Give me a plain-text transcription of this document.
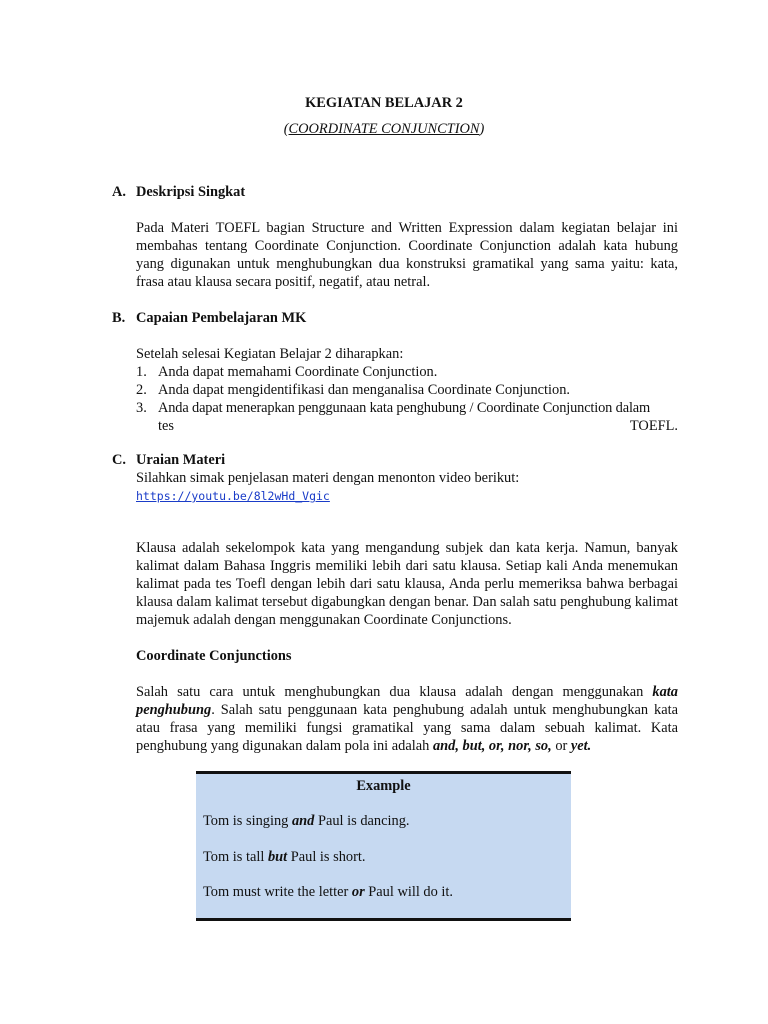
KEGIATAN BELAJAR 2
(COORDINATE CONJUNCTION)
A. Deskripsi Singkat

Pada Materi TOEFL bagian Structure and Written Expression dalam kegiatan belajar ini membahas tentang Coordinate Conjunction. Coordinate Conjunction adalah kata hubung yang digunakan untuk menghubungkan dua konstruksi gramatikal yang sama yaitu: kata, frasa atau klausa secara positif, negatif, atau netral.

B. Capaian Pembelajaran MK

Setelah selesai Kegiatan Belajar 2 diharapkan:

1. Anda dapat memahami Coordinate Conjunction.
2. Anda dapat mengidentifikasi dan menganalisa Coordinate Conjunction.
3. Anda dapat menerapkan penggunaan kata penghubung / Coordinate Conjunction dalam
tes	TOEFL.
C. Uraian Materi

Silahkan simak penjelasan materi dengan menonton video berikut:

https://youtu.be/8l2wHd_Vgic

Klausa adalah sekelompok kata yang mengandung subjek dan kata kerja. Namun, banyak kalimat dalam Bahasa Inggris memiliki lebih dari satu klausa. Setiap kali Anda menemukan kalimat pada tes Toefl dengan lebih dari satu klausa, Anda perlu memeriksa bahwa berbagai klausa dalam kalimat tersebut digabungkan dengan benar. Dan salah satu penghubung kalimat majemuk adalah dengan menggunakan Coordinate Conjunctions.

Coordinate Conjunctions

Salah satu cara untuk menghubungkan dua klausa adalah dengan menggunakan kata penghubung. Salah satu penggunaan kata penghubung adalah untuk menghubungkan kata atau frasa yang memiliki fungsi gramatikal yang sama dalam sebuah kalimat. Kata penghubung yang digunakan dalam pola ini adalah and, but, or, nor, so, or yet.

Example
Tom is singing and Paul is dancing.
Tom is tall but Paul is short.
Tom must write the letter or Paul will do it.
